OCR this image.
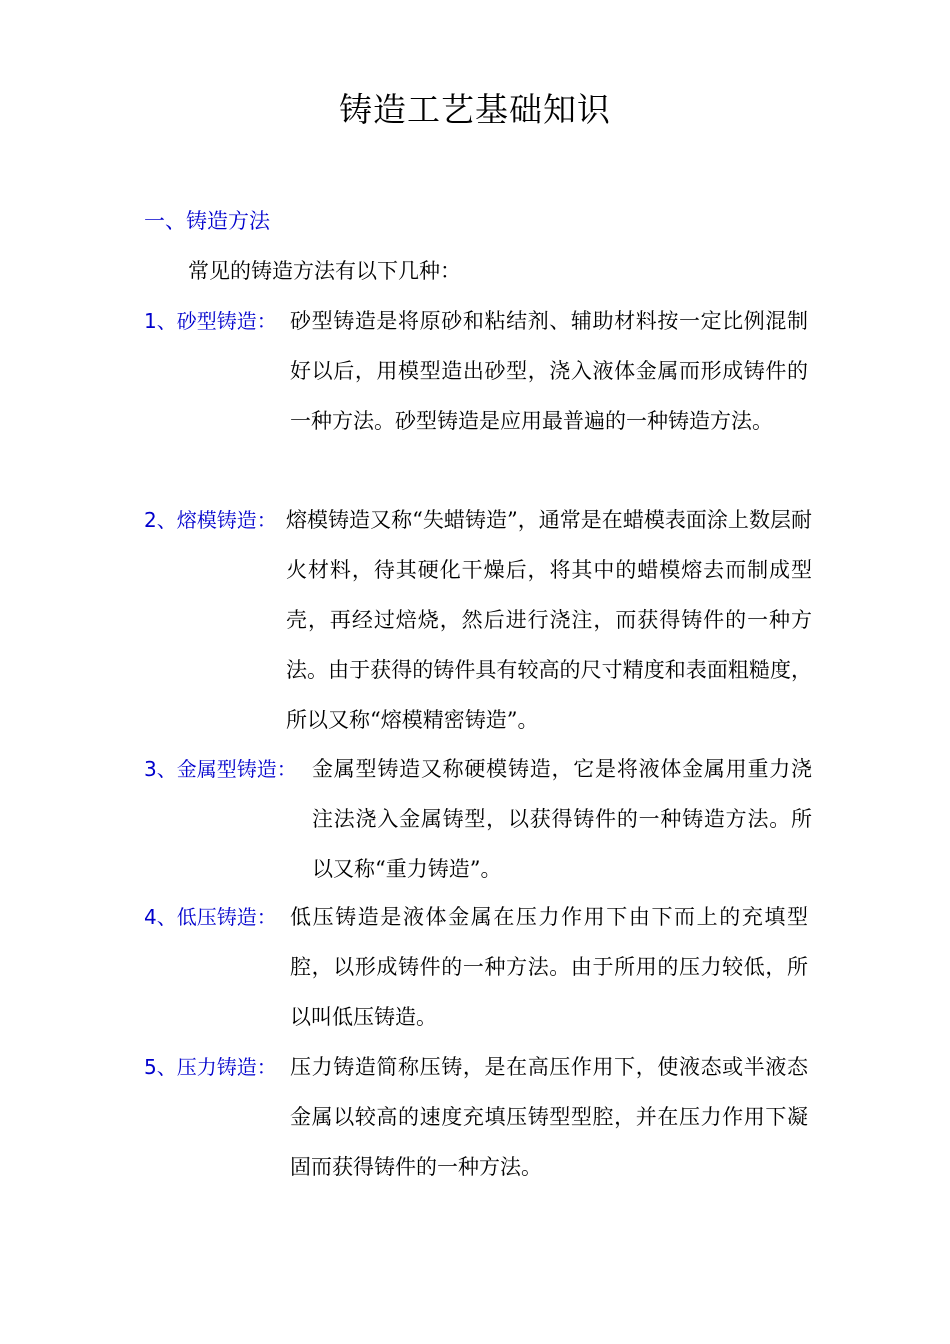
铸造工艺基础知识
一、铸造方法

常见的铸造方法有以下几种：

1、砂型铸造： 砂型铸造是将原砂和粘结剂、辅助材料按一定比例混制好以后，用模型造出砂型，浇入液体金属而形成铸件的一种方法。砂型铸造是应用最普遍的一种铸造方法。

2、熔模铸造： 熔模铸造又称“失蜡铸造”，通常是在蜡模表面涂上数层耐火材料，待其硬化干燥后，将其中的蜡模熔去而制成型壳，再经过焙烧，然后进行浇注，而获得铸件的一种方法。由于获得的铸件具有较高的尺寸精度和表面粗糙度，所以又称“熔模精密铸造”。

3、金属型铸造： 金属型铸造又称硬模铸造，它是将液体金属用重力浇注法浇入金属铸型，以获得铸件的一种铸造方法。所以又称“重力铸造”。

4、低压铸造： 低压铸造是液体金属在压力作用下由下而上的充填型腔，以形成铸件的一种方法。由于所用的压力较低，所以叫低压铸造。

5、压力铸造： 压力铸造简称压铸，是在高压作用下，使液态或半液态金属以较高的速度充填压铸型型腔，并在压力作用下凝固而获得铸件的一种方法。
